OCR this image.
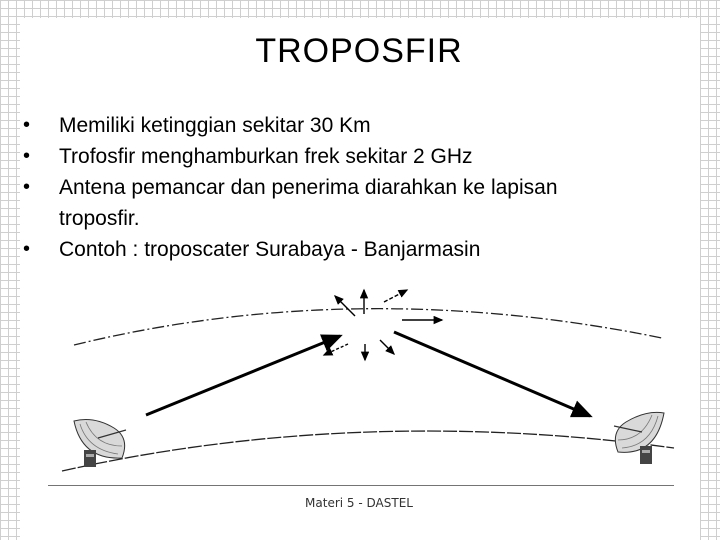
TROPOSFIR
• Memiliki ketinggian sekitar 30 Km
• Trofosfir menghamburkan frek sekitar 2 GHz
• Antena pemancar dan penerima diarahkan ke lapisan
troposfir.
• Contoh : troposcater Surabaya - Banjarmasin
Materi 5 - DASTEL
